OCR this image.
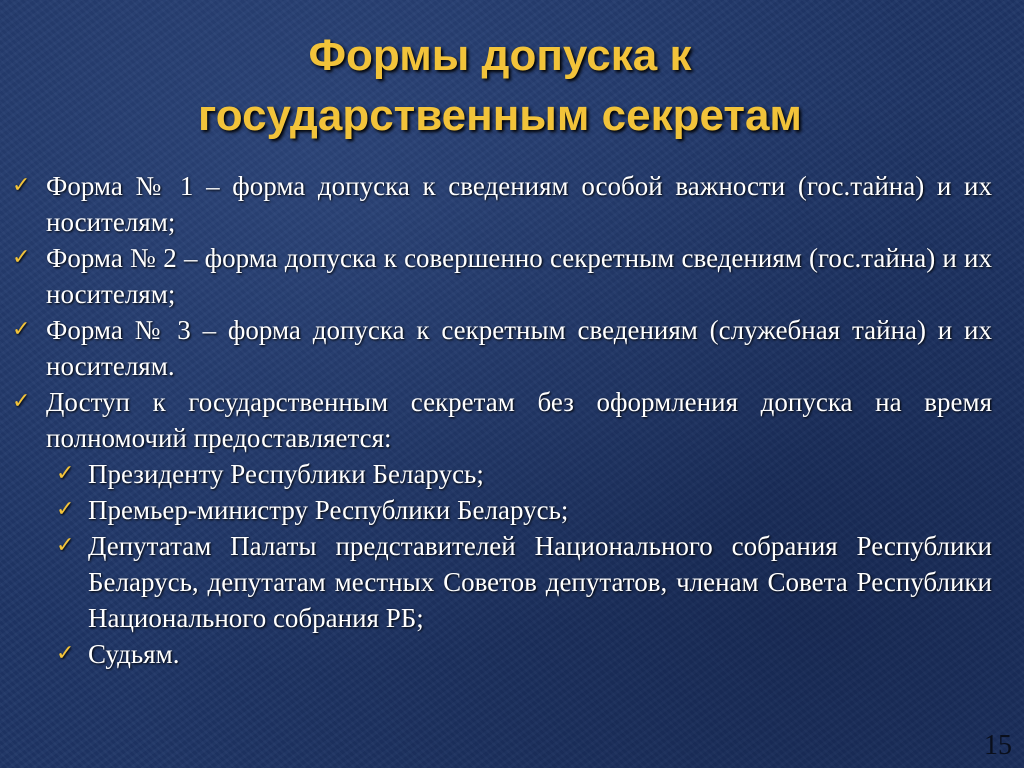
Формы допуска к
государственным секретам
✓ Форма № 1 – форма допуска к сведениям особой важности (гос.тайна) и их носителям;
✓ Форма № 2 – форма допуска к совершенно секретным сведениям (гос.тайна) и их носителям;
✓ Форма № 3 – форма допуска к секретным сведениям (служебная тайна) и их носителям.
✓ Доступ к государственным секретам без оформления допуска на время полномочий предоставляется:
✓ Президенту Республики Беларусь;
✓ Премьер-министру Республики Беларусь;
✓ Депутатам Палаты представителей Национального собрания Республики Беларусь, депутатам местных Советов депутатов, членам Совета Республики Национального собрания РБ;
✓ Судьям.
15
